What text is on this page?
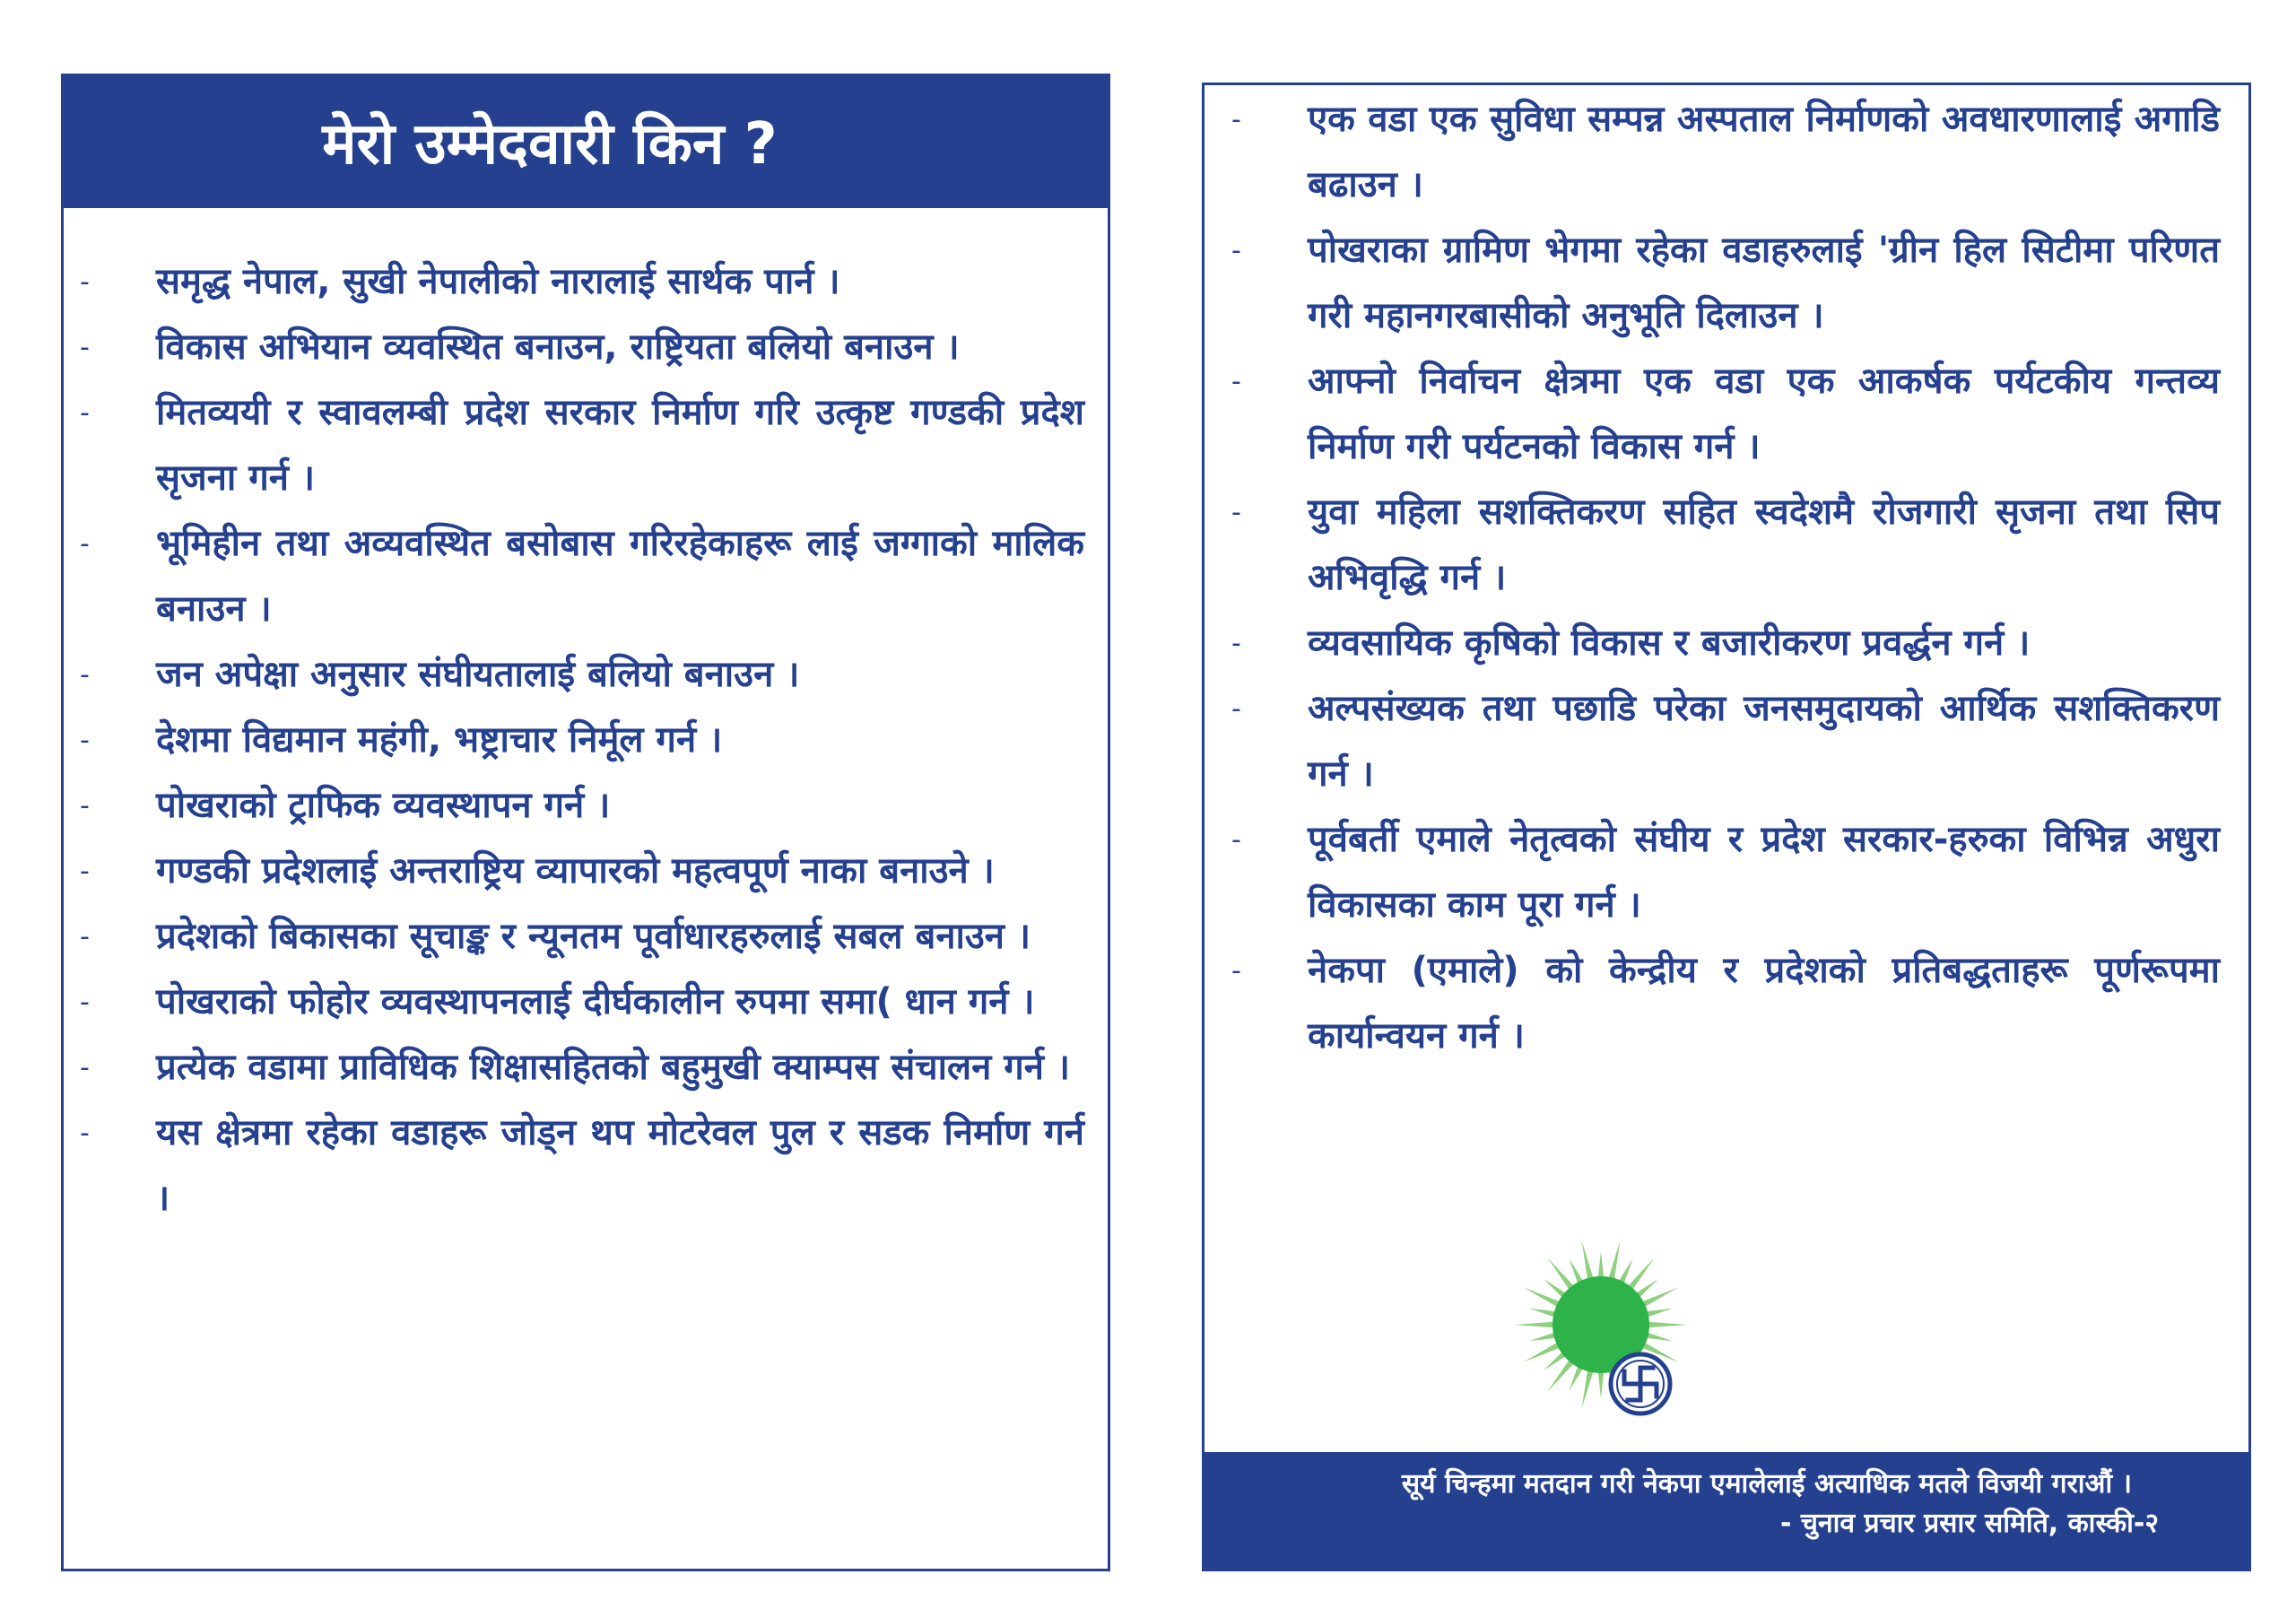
मेरो उम्मेदवारी किन ?
- समृद्ध नेपाल, सुखी नेपालीको नारालाई सार्थक पार्न ।
- विकास अभियान व्यवस्थित बनाउन, राष्ट्रियता बलियो बनाउन ।
- मितव्ययी र स्वावलम्बी प्रदेश सरकार निर्माण गरि उत्कृष्ट गण्डकी प्रदेश सृजना गर्न ।
- भूमिहीन तथा अव्यवस्थित बसोबास गरिरहेकाहरू लाई जग्गाको मालिक बनाउन ।
- जन अपेक्षा अनुसार संघीयतालाई बलियो बनाउन ।
- देशमा विद्यमान महंगी, भष्ट्राचार निर्मूल गर्न ।
- पोखराको ट्राफिक व्यवस्थापन गर्न ।
- गण्डकी प्रदेशलाई अन्तराष्ट्रिय व्यापारको महत्वपूर्ण नाका बनाउने ।
- प्रदेशको बिकासका सूचाङ्क र न्यूनतम पूर्वाधारहरुलाई सबल बनाउन ।
- पोखराको फोहोर व्यवस्थापनलाई दीर्घकालीन रुपमा समा( धान गर्न ।
- प्रत्येक वडामा प्राविधिक शिक्षासहितको बहुमुखी क्याम्पस संचालन गर्न ।
- यस क्षेत्रमा रहेका वडाहरू जोड्न थप मोटरेवल पुल र सडक निर्माण गर्न ।
- एक वडा एक सुविधा सम्पन्न अस्पताल निर्माणको अवधारणालाई अगाडि बढाउन ।
- पोखराका ग्रामिण भेगमा रहेका वडाहरुलाई 'ग्रीन हिल सिटीमा परिणत गरी महानगरबासीको अनुभूति दिलाउन ।
- आफ्नो निर्वाचन क्षेत्रमा एक वडा एक आकर्षक पर्यटकीय गन्तव्य निर्माण गरी पर्यटनको विकास गर्न ।
- युवा महिला सशक्तिकरण सहित स्वदेशमै रोजगारी सृजना तथा सिप अभिवृद्धि गर्न ।
- व्यवसायिक कृषिको विकास र बजारीकरण प्रवर्द्धन गर्न ।
- अल्पसंख्यक तथा पछाडि परेका जनसमुदायको आर्थिक सशक्तिकरण गर्न ।
- पूर्वबर्ती एमाले नेतृत्वको संघीय र प्रदेश सरकार-हरुका विभिन्न अधुरा विकासका काम पूरा गर्न ।
- नेकपा (एमाले) को केन्द्रीय र प्रदेशको प्रतिबद्धताहरू पूर्णरूपमा कार्यान्वयन गर्न ।
सूर्य चिन्हमा मतदान गरी नेकपा एमालेलाई अत्याधिक मतले विजयी गराऔं ।
- चुनाव प्रचार प्रसार समिति, कास्की-२
